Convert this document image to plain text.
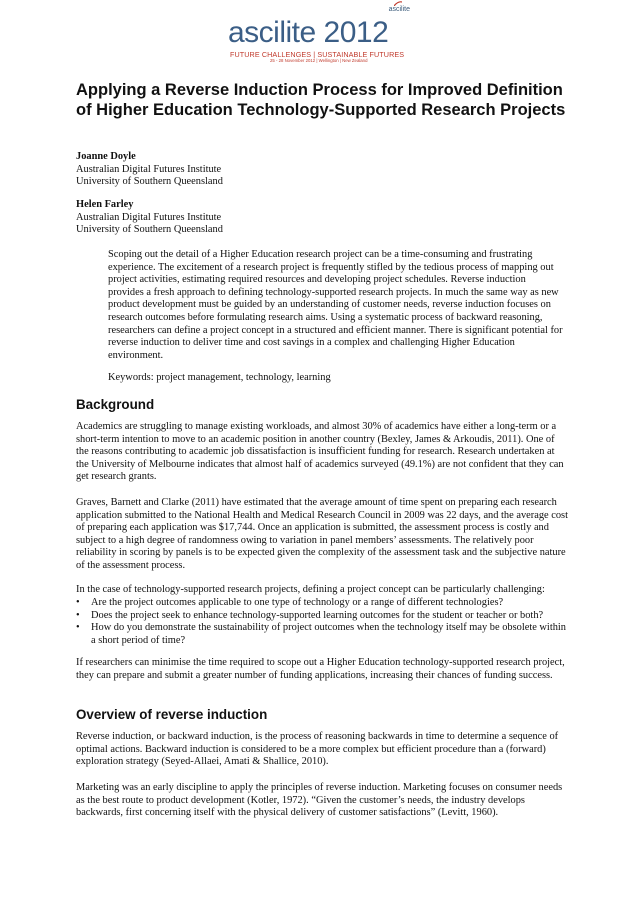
ascilite
ascilite 2012
FUTURE CHALLENGES | SUSTAINABLE FUTURES
25 - 28 November 2012 | Wellington | New Zealand
Applying a Reverse Induction Process for Improved Definition of Higher Education Technology-Supported Research Projects
Joanne Doyle
Australian Digital Futures Institute
University of Southern Queensland
Helen Farley
Australian Digital Futures Institute
University of Southern Queensland

Scoping out the detail of a Higher Education research project can be a time-consuming and frustrating experience. The excitement of a research project is frequently stifled by the tedious process of mapping out project activities, estimating required resources and developing project schedules. Reverse induction provides a fresh approach to defining technology-supported research projects. In much the same way as new product development must be guided by an understanding of customer needs, reverse induction focuses on research outcomes before formulating research aims. Using a systematic process of backward reasoning, researchers can define a project concept in a structured and efficient manner. There is significant potential for reverse induction to deliver time and cost savings in a complex and challenging Higher Education environment.

Keywords: project management, technology, learning

Background

Academics are struggling to manage existing workloads, and almost 30% of academics have either a long-term or a short-term intention to move to an academic position in another country (Bexley, James & Arkoudis, 2011). One of the reasons contributing to academic job dissatisfaction is insufficient funding for research. Research undertaken at the University of Melbourne indicates that almost half of academics surveyed (49.1%) are not confident that they can get research grants.

Graves, Barnett and Clarke (2011) have estimated that the average amount of time spent on preparing each research application submitted to the National Health and Medical Research Council in 2009 was 22 days, and the average cost of preparing each application was $17,744. Once an application is submitted, the assessment process is costly and subject to a high degree of randomness owing to variation in panel members’ assessments. The relatively poor reliability in scoring by panels is to be expected given the complexity of the assessment task and the subjective nature of the assessment process.

In the case of technology-supported research projects, defining a project concept can be particularly challenging:

• Are the project outcomes applicable to one type of technology or a range of different technologies?
• Does the project seek to enhance technology-supported learning outcomes for the student or teacher or both?
• How do you demonstrate the sustainability of project outcomes when the technology itself may be obsolete within a short period of time?

If researchers can minimise the time required to scope out a Higher Education technology-supported research project, they can prepare and submit a greater number of funding applications, increasing their chances of funding success.

Overview of reverse induction

Reverse induction, or backward induction, is the process of reasoning backwards in time to determine a sequence of optimal actions. Backward induction is considered to be a more complex but efficient procedure than a (forward) exploration strategy (Seyed-Allaei, Amati & Shallice, 2010).

Marketing was an early discipline to apply the principles of reverse induction. Marketing focuses on consumer needs as the best route to product development (Kotler, 1972). “Given the customer’s needs, the industry develops backwards, first concerning itself with the physical delivery of customer satisfactions” (Levitt, 1960).
